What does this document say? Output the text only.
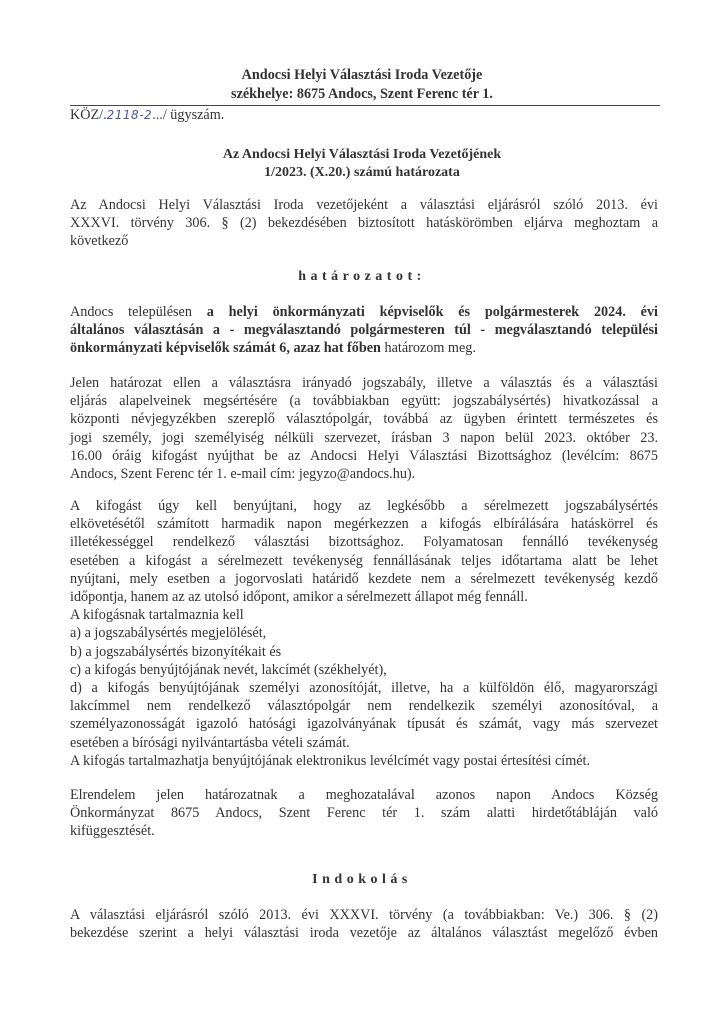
Andocsi Helyi Választási Iroda Vezetője
székhelye: 8675 Andocs, Szent Ferenc tér 1.
KÖZ/.2118-2.../ ügyszám.
Az Andocsi Helyi Választási Iroda Vezetőjének
1/2023. (X.20.) számú határozata
Az Andocsi Helyi Választási Iroda vezetőjeként a választási eljárásról szóló 2013. évi
XXXVI. törvény 306. § (2) bekezdésében biztosított hatáskörömben eljárva meghoztam a
következő
határozatot:
Andocs településen a helyi önkormányzati képviselők és polgármesterek 2024. évi
általános választásán a - megválasztandó polgármesteren túl - megválasztandó települési
önkormányzati képviselők számát 6, azaz hat főben határozom meg.
Jelen határozat ellen a választásra irányadó jogszabály, illetve a választás és a választási
eljárás alapelveinek megsértésére (a továbbiakban együtt: jogszabálysértés) hivatkozással a
központi névjegyzékben szereplő választópolgár, továbbá az ügyben érintett természetes és
jogi személy, jogi személyiség nélküli szervezet, írásban 3 napon belül 2023. október 23.
16.00 óráig kifogást nyújthat be az Andocsi Helyi Választási Bizottsághoz (levélcím: 8675
Andocs, Szent Ferenc tér 1. e-mail cím: jegyzo@andocs.hu).
A kifogást úgy kell benyújtani, hogy az legkésőbb a sérelmezett jogszabálysértés
elkövetésétől számított harmadik napon megérkezzen a kifogás elbírálására hatáskörrel és
illetékességgel rendelkező választási bizottsághoz. Folyamatosan fennálló tevékenység
esetében a kifogást a sérelmezett tevékenység fennállásának teljes időtartama alatt be lehet
nyújtani, mely esetben a jogorvoslati határidő kezdete nem a sérelmezett tevékenység kezdő
időpontja, hanem az az utolsó időpont, amikor a sérelmezett állapot még fennáll.
A kifogásnak tartalmaznia kell
a) a jogszabálysértés megjelölését,
b) a jogszabálysértés bizonyítékait és
c) a kifogás benyújtójának nevét, lakcímét (székhelyét),
d) a kifogás benyújtójának személyi azonosítóját, illetve, ha a külföldön élő, magyarországi
lakcímmel nem rendelkező választópolgár nem rendelkezik személyi azonosítóval, a
személyazonosságát igazoló hatósági igazolványának típusát és számát, vagy más szervezet
esetében a bírósági nyilvántartásba vételi számát.
A kifogás tartalmazhatja benyújtójának elektronikus levélcímét vagy postai értesítési címét.
Elrendelem jelen határozatnak a meghozatalával azonos napon Andocs Község
Önkormányzat 8675 Andocs, Szent Ferenc tér 1. szám alatti hirdetőtábláján való
kifüggesztését.
Indokolás
A választási eljárásról szóló 2013. évi XXXVI. törvény (a továbbiakban: Ve.) 306. § (2)
bekezdése szerint a helyi választási iroda vezetője az általános választást megelőző évben
